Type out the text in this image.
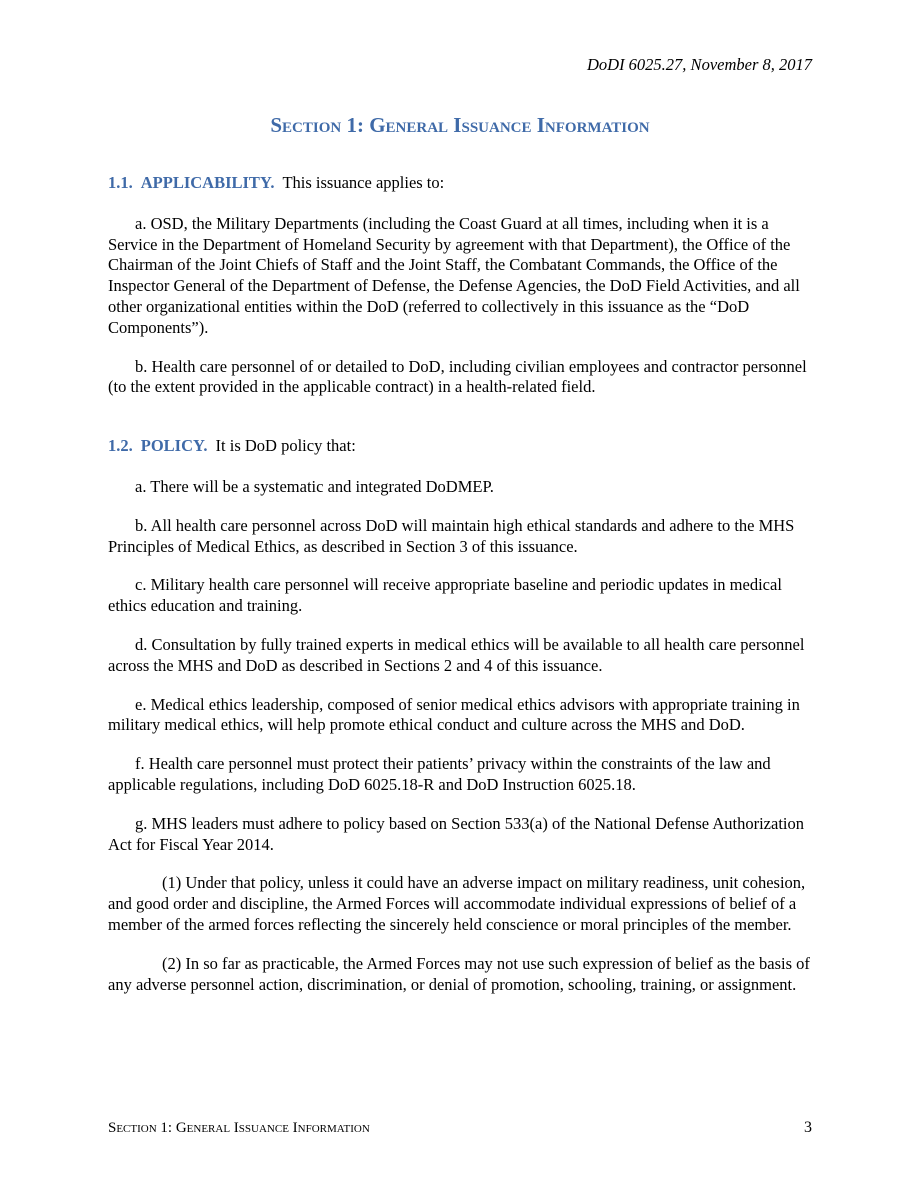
DoDI 6025.27, November 8, 2017
Section 1: General Issuance Information

1.1. APPLICABILITY. This issuance applies to:

a. OSD, the Military Departments (including the Coast Guard at all times, including when it is a Service in the Department of Homeland Security by agreement with that Department), the Office of the Chairman of the Joint Chiefs of Staff and the Joint Staff, the Combatant Commands, the Office of the Inspector General of the Department of Defense, the Defense Agencies, the DoD Field Activities, and all other organizational entities within the DoD (referred to collectively in this issuance as the “DoD Components”).

b. Health care personnel of or detailed to DoD, including civilian employees and contractor personnel (to the extent provided in the applicable contract) in a health-related field.

1.2. POLICY. It is DoD policy that:

a. There will be a systematic and integrated DoDMEP.

b. All health care personnel across DoD will maintain high ethical standards and adhere to the MHS Principles of Medical Ethics, as described in Section 3 of this issuance.

c. Military health care personnel will receive appropriate baseline and periodic updates in medical ethics education and training.

d. Consultation by fully trained experts in medical ethics will be available to all health care personnel across the MHS and DoD as described in Sections 2 and 4 of this issuance.

e. Medical ethics leadership, composed of senior medical ethics advisors with appropriate training in military medical ethics, will help promote ethical conduct and culture across the MHS and DoD.

f. Health care personnel must protect their patients’ privacy within the constraints of the law and applicable regulations, including DoD 6025.18-R and DoD Instruction 6025.18.

g. MHS leaders must adhere to policy based on Section 533(a) of the National Defense Authorization Act for Fiscal Year 2014.

(1) Under that policy, unless it could have an adverse impact on military readiness, unit cohesion, and good order and discipline, the Armed Forces will accommodate individual expressions of belief of a member of the armed forces reflecting the sincerely held conscience or moral principles of the member.

(2) In so far as practicable, the Armed Forces may not use such expression of belief as the basis of any adverse personnel action, discrimination, or denial of promotion, schooling, training, or assignment.

Section 1: General Issuance Information	3
